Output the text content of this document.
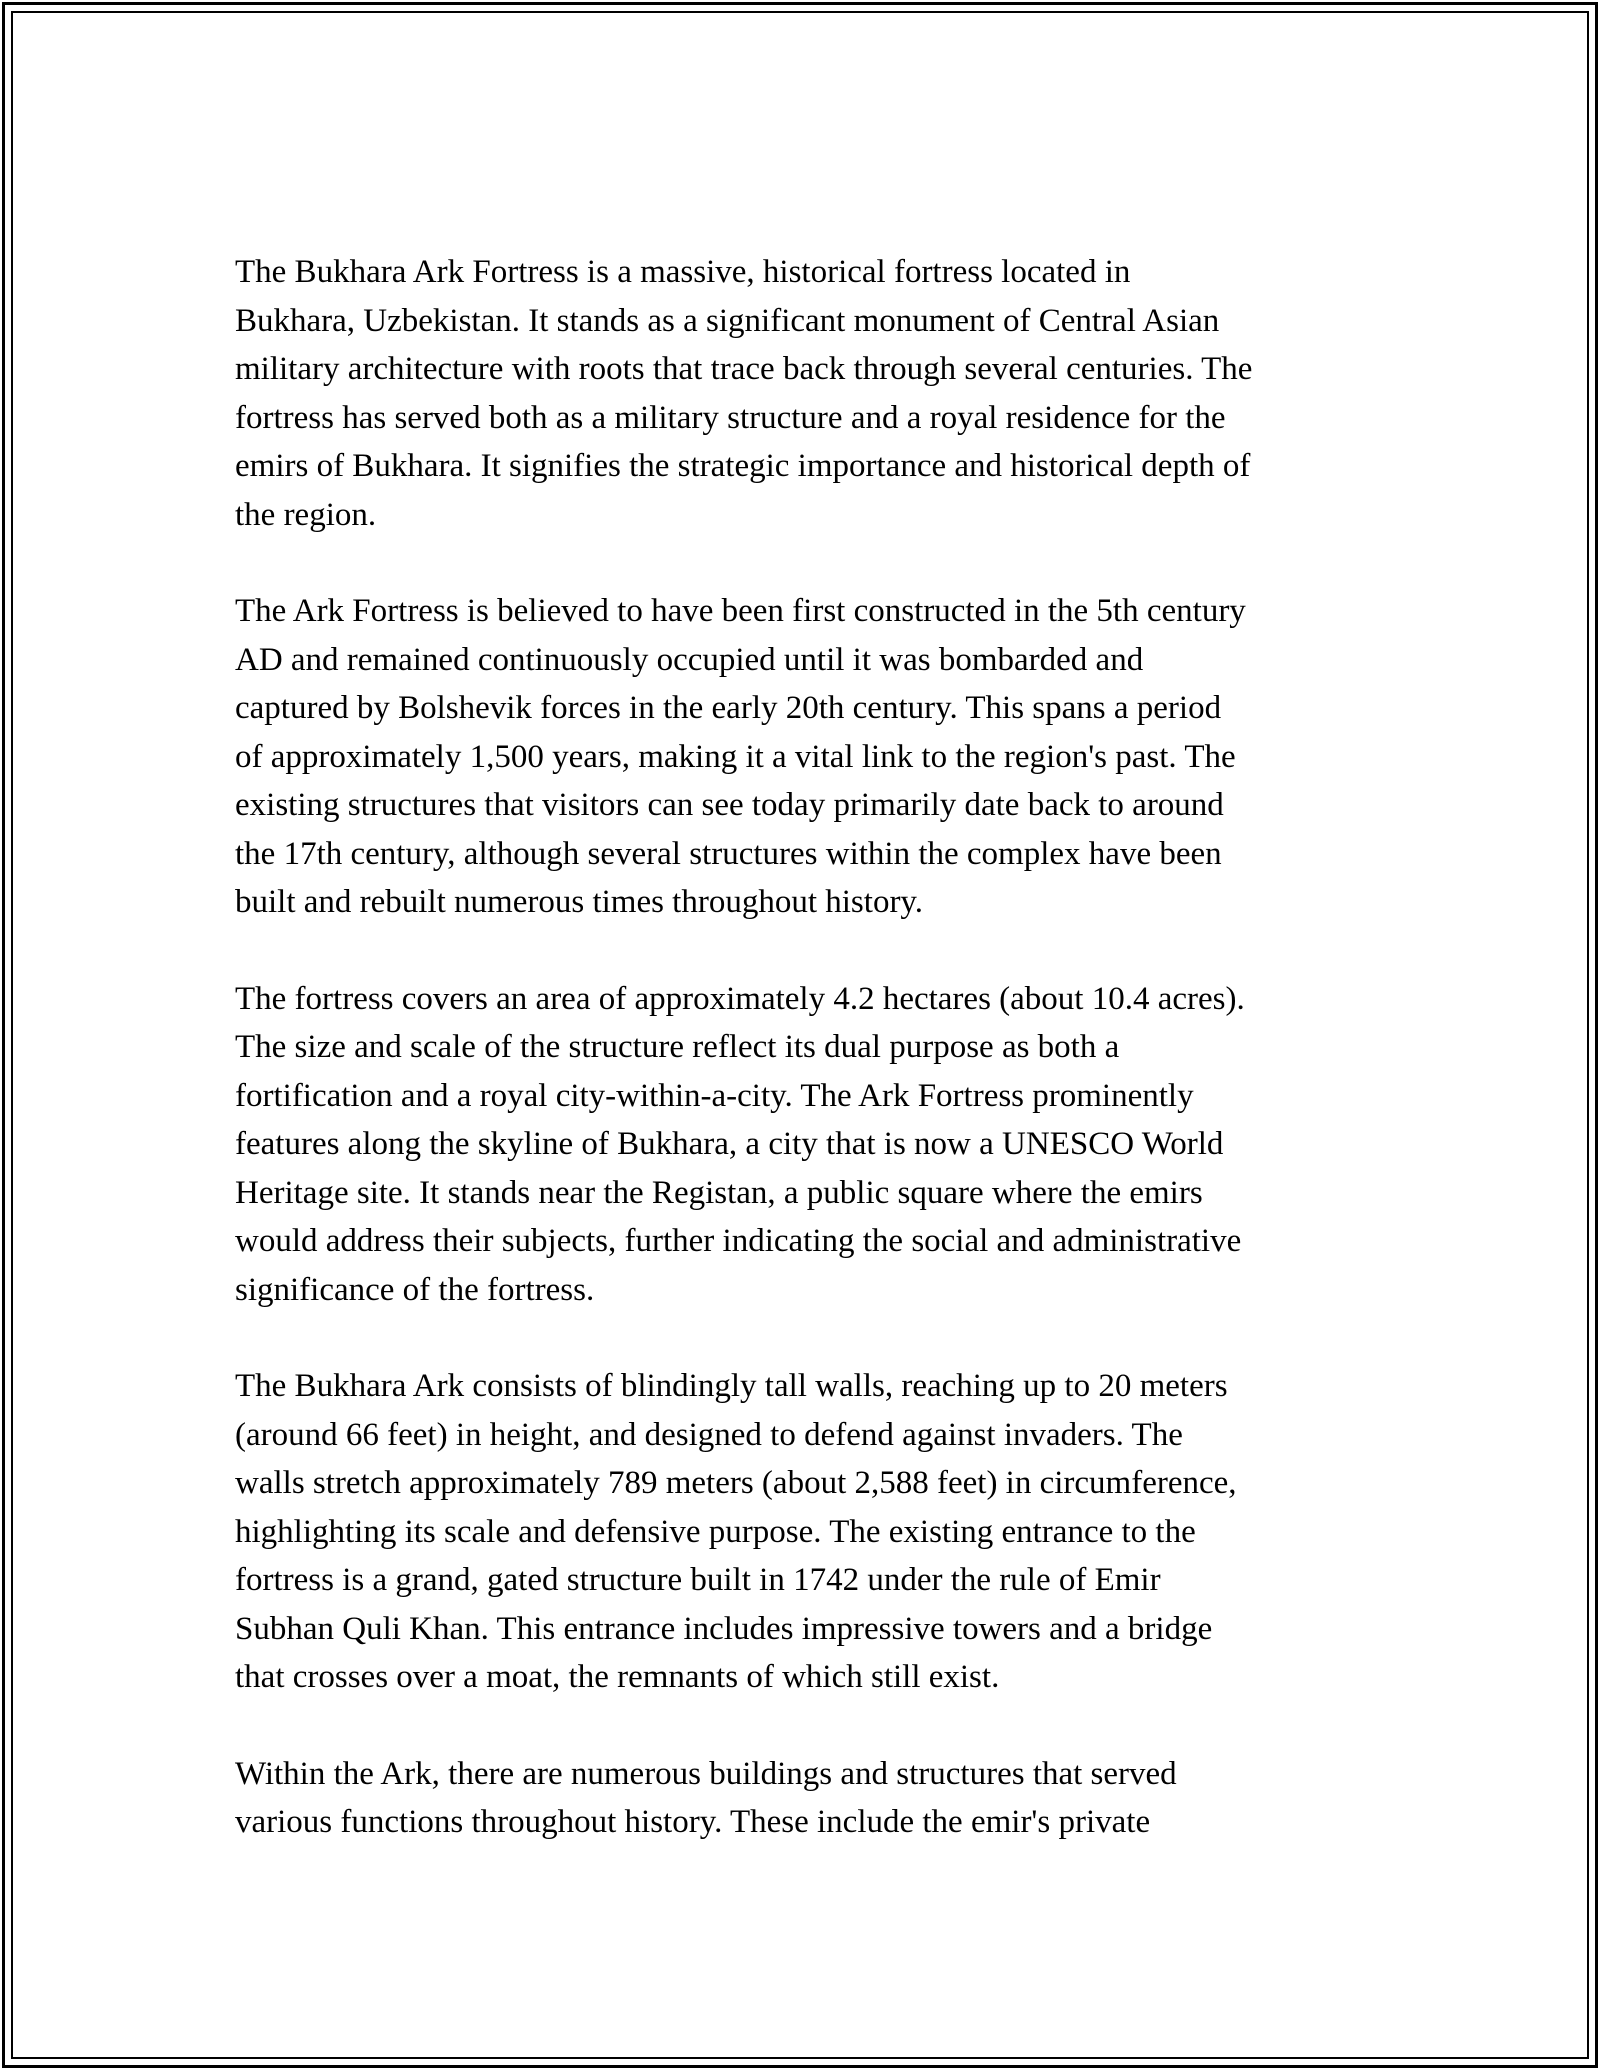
The Bukhara Ark Fortress is a massive, historical fortress located in
Bukhara, Uzbekistan. It stands as a significant monument of Central Asian
military architecture with roots that trace back through several centuries. The
fortress has served both as a military structure and a royal residence for the
emirs of Bukhara. It signifies the strategic importance and historical depth of
the region.

The Ark Fortress is believed to have been first constructed in the 5th century
AD and remained continuously occupied until it was bombarded and
captured by Bolshevik forces in the early 20th century. This spans a period
of approximately 1,500 years, making it a vital link to the region's past. The
existing structures that visitors can see today primarily date back to around
the 17th century, although several structures within the complex have been
built and rebuilt numerous times throughout history.

The fortress covers an area of approximately 4.2 hectares (about 10.4 acres).
The size and scale of the structure reflect its dual purpose as both a
fortification and a royal city-within-a-city. The Ark Fortress prominently
features along the skyline of Bukhara, a city that is now a UNESCO World
Heritage site. It stands near the Registan, a public square where the emirs
would address their subjects, further indicating the social and administrative
significance of the fortress.

The Bukhara Ark consists of blindingly tall walls, reaching up to 20 meters
(around 66 feet) in height, and designed to defend against invaders. The
walls stretch approximately 789 meters (about 2,588 feet) in circumference,
highlighting its scale and defensive purpose. The existing entrance to the
fortress is a grand, gated structure built in 1742 under the rule of Emir
Subhan Quli Khan. This entrance includes impressive towers and a bridge
that crosses over a moat, the remnants of which still exist.

Within the Ark, there are numerous buildings and structures that served
various functions throughout history. These include the emir's private
